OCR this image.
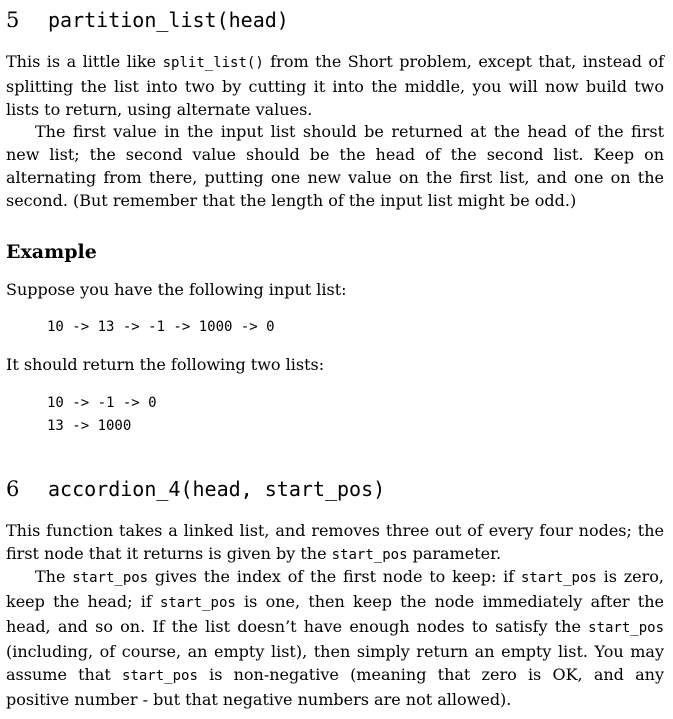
5 partition_list(head)
This is a little like split_list() from the Short problem, except that, instead of splitting the list into two by cutting it into the middle, you will now build two lists to return, using alternate values.
The first value in the input list should be returned at the head of the first new list; the second value should be the head of the second list. Keep on alternating from there, putting one new value on the first list, and one on the second. (But remember that the length of the input list might be odd.)
Example
Suppose you have the following input list:
10 -> 13 -> -1 -> 1000 -> 0
It should return the following two lists:
10 -> -1 -> 0
13 -> 1000
6 accordion_4(head, start_pos)
This function takes a linked list, and removes three out of every four nodes; the first node that it returns is given by the start_pos parameter.
The start_pos gives the index of the first node to keep: if start_pos is zero, keep the head; if start_pos is one, then keep the node immediately after the head, and so on. If the list doesn’t have enough nodes to satisfy the start_pos (including, of course, an empty list), then simply return an empty list. You may assume that start_pos is non-negative (meaning that zero is OK, and any positive number - but that negative numbers are not allowed).
